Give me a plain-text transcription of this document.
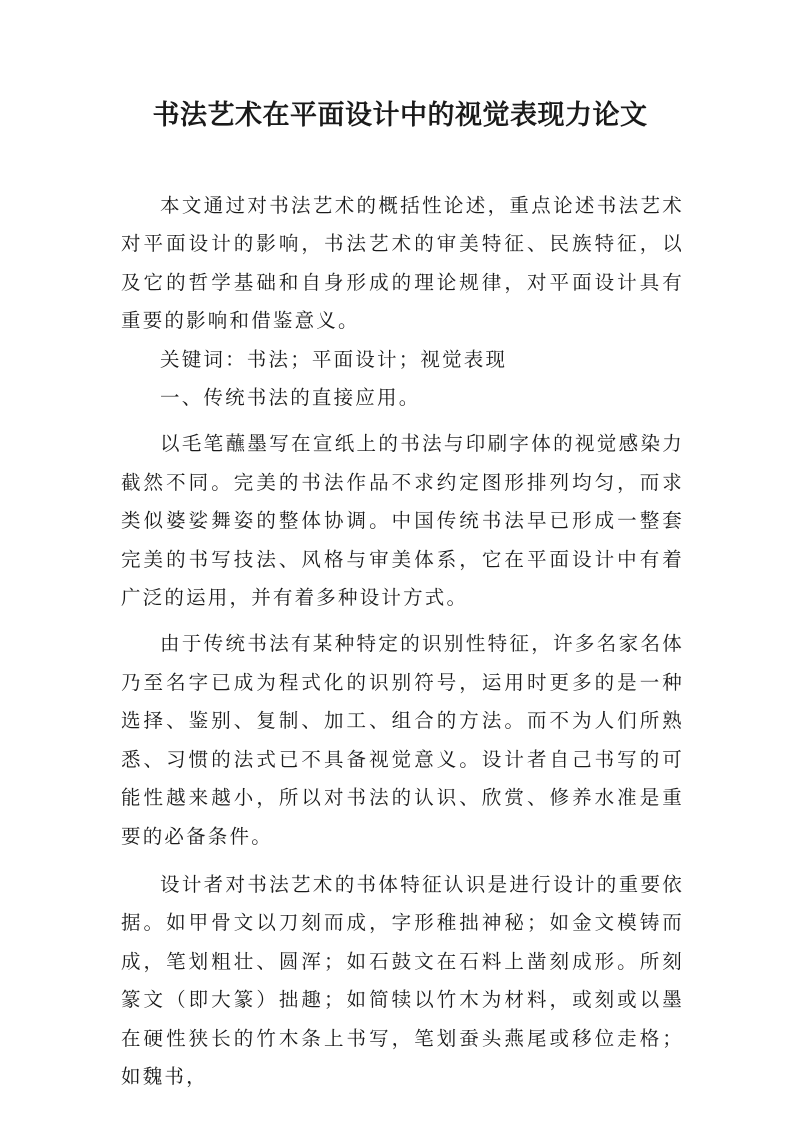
书法艺术在平面设计中的视觉表现力论文

本文通过对书法艺术的概括性论述，重点论述书法艺术对平面设计的影响，书法艺术的审美特征、民族特征，以及它的哲学基础和自身形成的理论规律，对平面设计具有重要的影响和借鉴意义。

关键词：书法；平面设计；视觉表现

一、传统书法的直接应用。

以毛笔蘸墨写在宣纸上的书法与印刷字体的视觉感染力截然不同。完美的书法作品不求约定图形排列均匀，而求类似婆娑舞姿的整体协调。中国传统书法早已形成一整套完美的书写技法、风格与审美体系，它在平面设计中有着广泛的运用，并有着多种设计方式。

由于传统书法有某种特定的识别性特征，许多名家名体乃至名字已成为程式化的识别符号，运用时更多的是一种选择、鉴别、复制、加工、组合的方法。而不为人们所熟悉、习惯的法式已不具备视觉意义。设计者自己书写的可能性越来越小，所以对书法的认识、欣赏、修养水准是重要的必备条件。

设计者对书法艺术的书体特征认识是进行设计的重要依据。如甲骨文以刀刻而成，字形稚拙神秘；如金文模铸而成，笔划粗壮、圆浑；如石鼓文在石料上凿刻成形。所刻篆文（即大篆）拙趣；如简犊以竹木为材料，或刻或以墨在硬性狭长的竹木条上书写，笔划蚕头燕尾或移位走格；如魏书，
